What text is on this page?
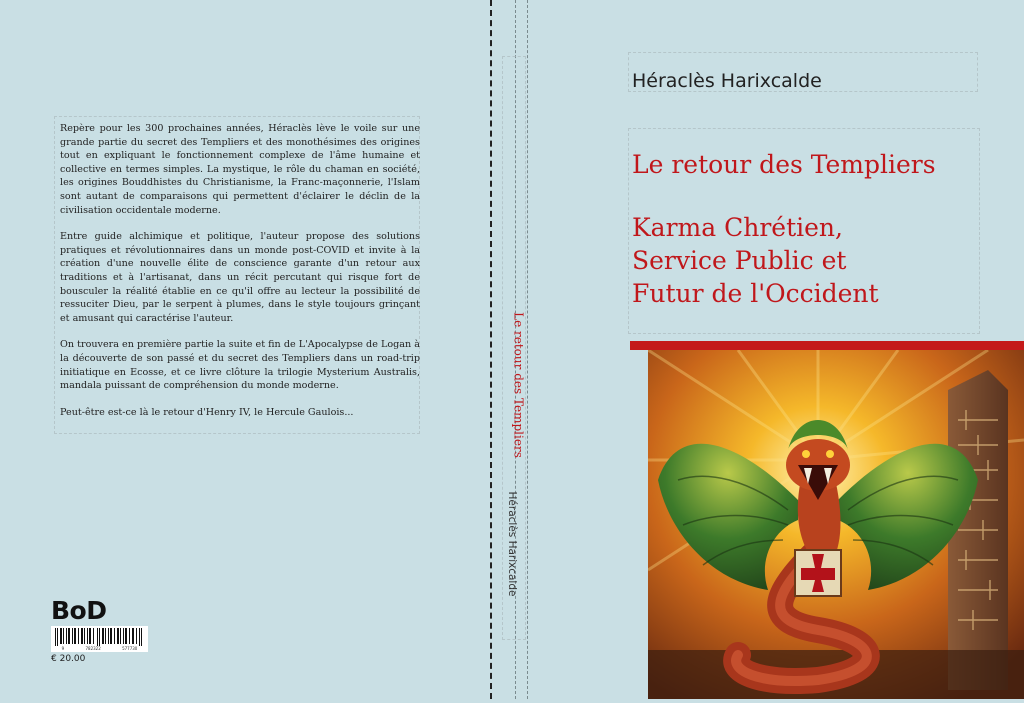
Repère pour les 300 prochaines années, Héraclès lève le voile sur une grande partie du secret des Templiers et des monothésimes des origines tout en expliquant le fonctionnement complexe de l'âme humaine et collective en termes simples. La mystique, le rôle du chaman en société, les origines Bouddhistes du Christianisme, la Franc-maçonnerie, l'Islam sont autant de comparaisons qui permettent d'éclairer le déclin de la civilisation occidentale moderne.

Entre guide alchimique et politique, l'auteur propose des solutions pratiques et révolutionnaires dans un monde post-COVID et invite à la création d'une nouvelle élite de conscience garante d'un retour aux traditions et à l'artisanat, dans un récit percutant qui risque fort de bousculer la réalité établie en ce qu'il offre au lecteur la possibilité de ressuciter Dieu, par le serpent à plumes, dans le style toujours grinçant et amusant qui caractérise l'auteur.

On trouvera en première partie la suite et fin de L'Apocalypse de Logan à la découverte de son passé et du secret des Templiers dans un road-trip initiatique en Ecosse, et ce livre clôture la trilogie Mysterium Australis, mandala puissant de compréhension du monde moderne.

Peut-être est-ce là le retour d'Henry IV, le Hercule Gaulois...

BoD
9	782322	577730
€ 20.00
Le retour des Templiers
Héraclès Harixcalde
Héraclès Harixcalde
Le retour des Templiers
Karma Chrétien,
Service Public et
Futur de l'Occident
